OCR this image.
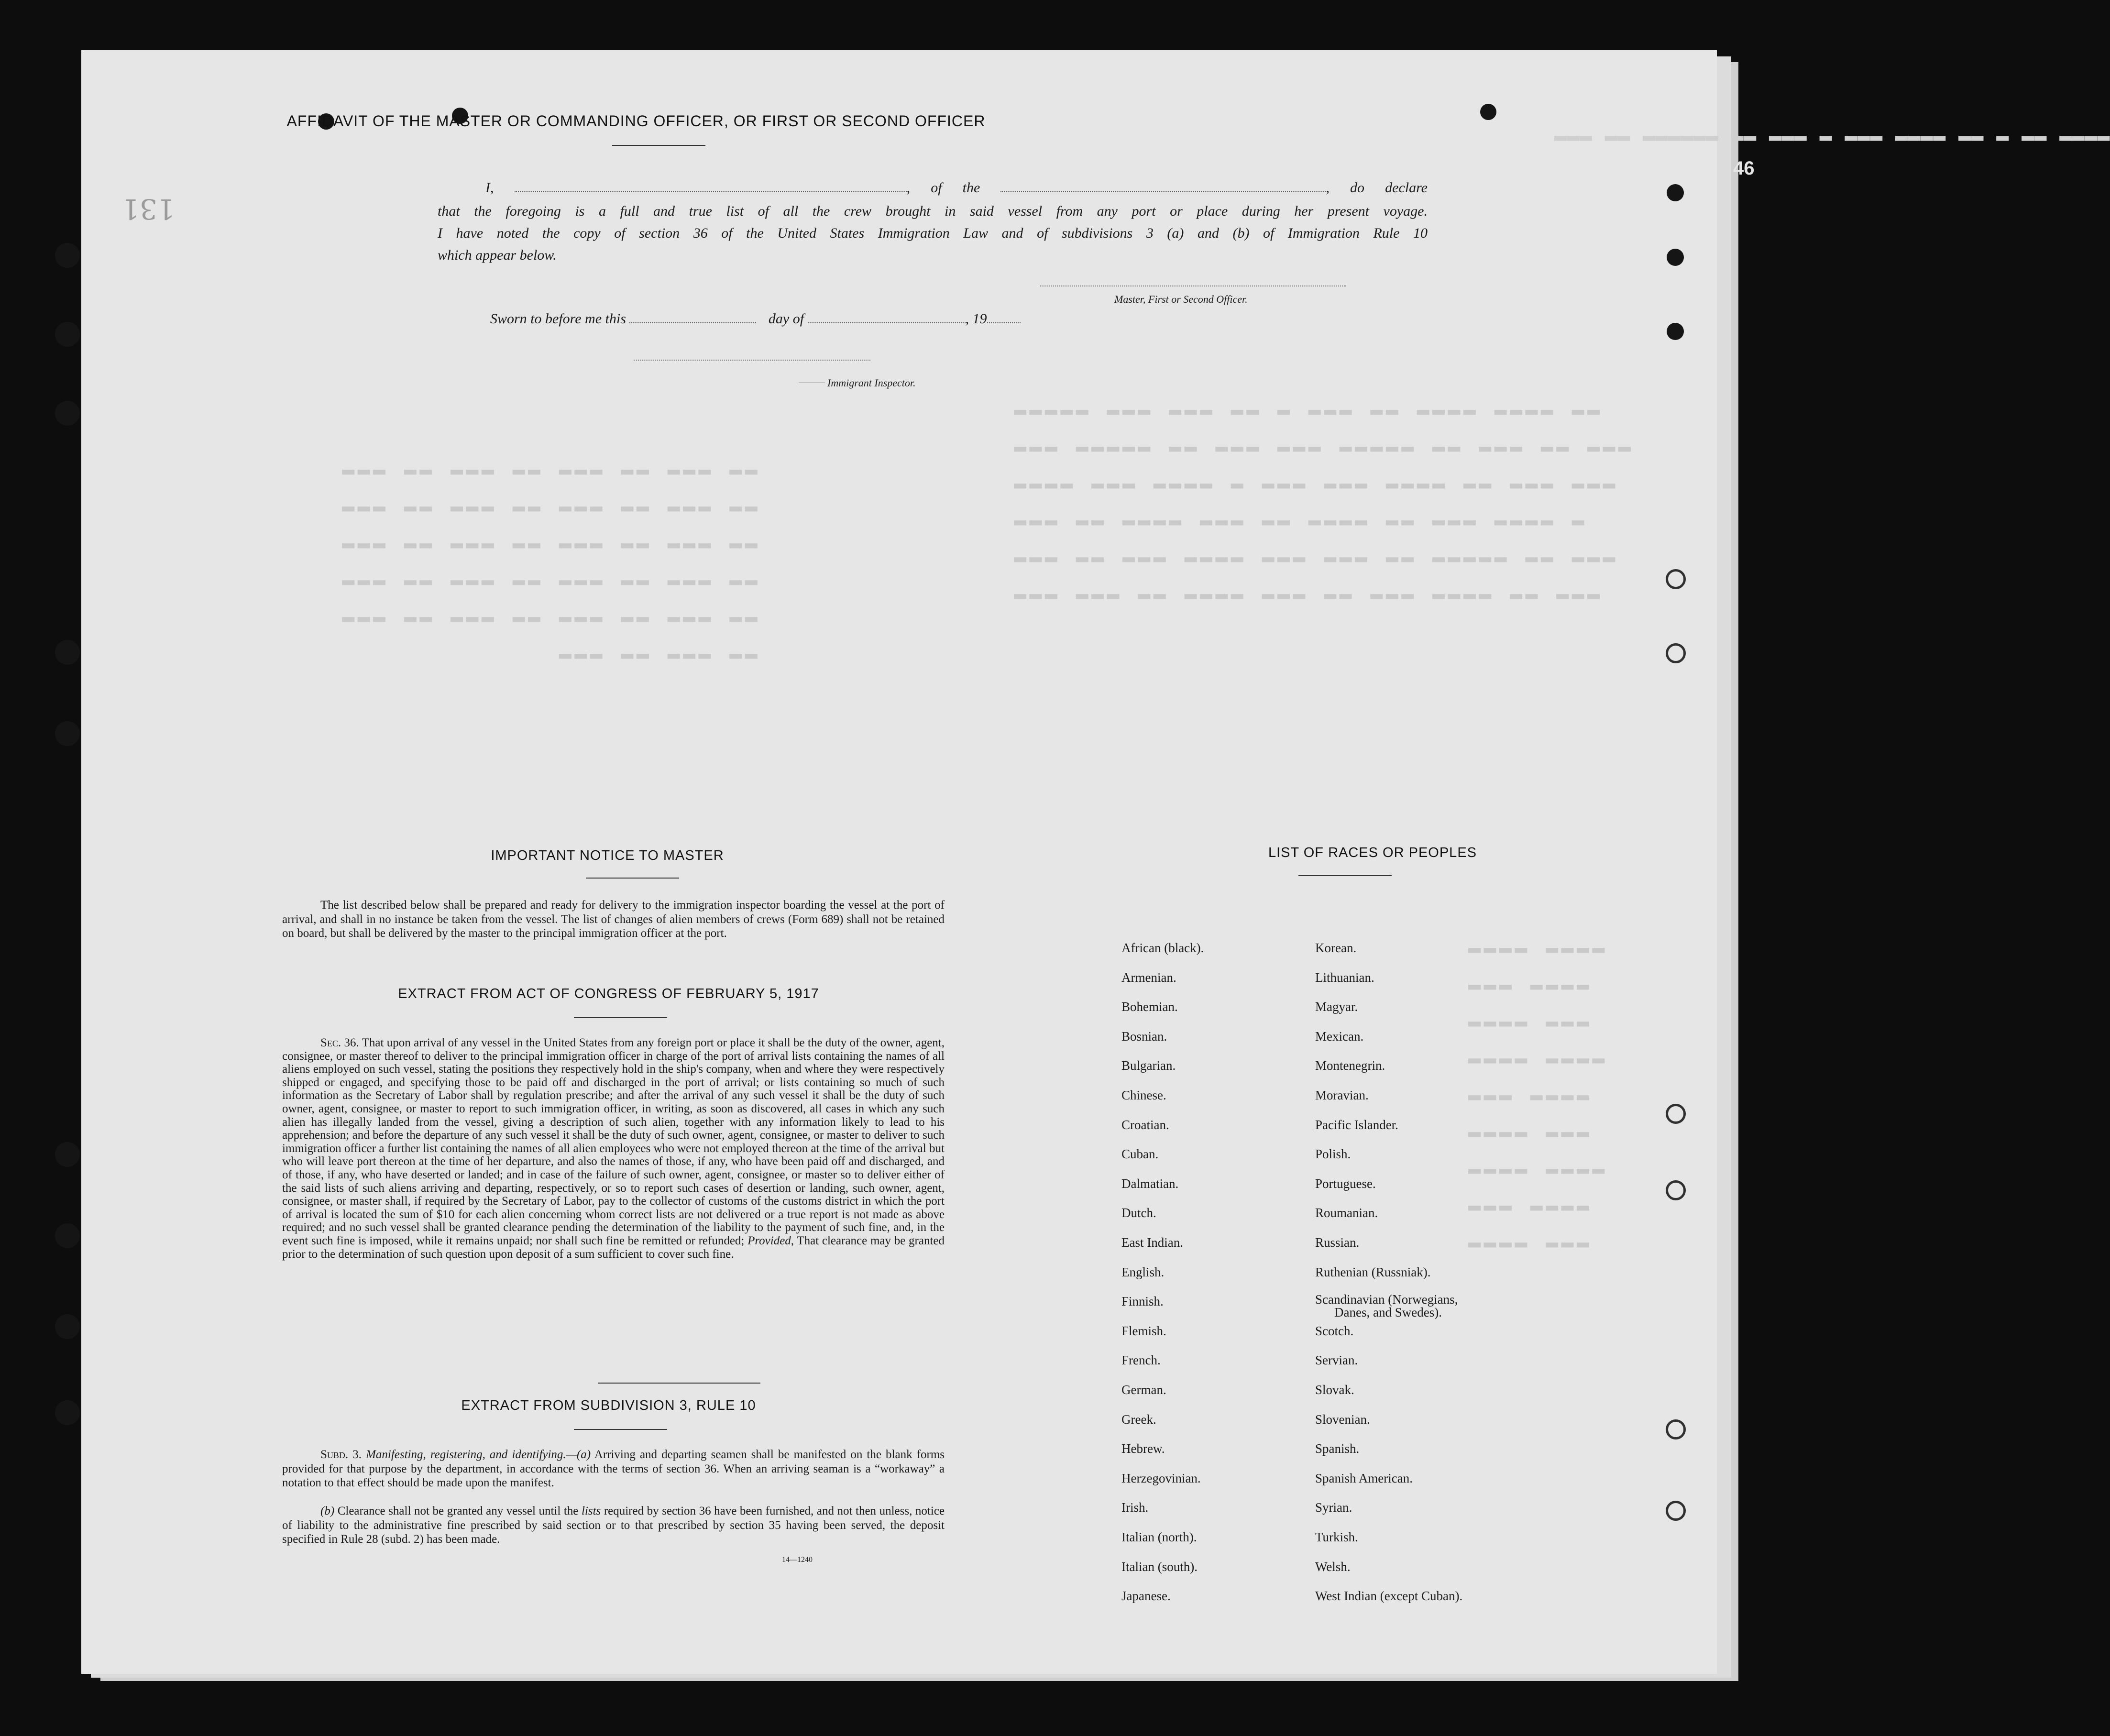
▬▬▬ ▬▬ ▬▬▬▬▬▬ ▬▬ ▬▬▬ ▬ ▬▬▬ ▬▬▬▬ ▬▬ ▬ ▬▬ ▬▬▬▬
▬▬▬▬▬ ▬▬▬ ▬▬▬ ▬▬ ▬ ▬▬▬ ▬▬ ▬▬▬▬ ▬▬▬▬ ▬▬ ▬▬▬ ▬▬▬▬▬ ▬▬ ▬▬▬ ▬▬▬ ▬▬▬▬▬ ▬▬ ▬▬▬ ▬▬ ▬▬▬ ▬▬▬▬ ▬▬▬ ▬▬▬▬ ▬ ▬▬▬ ▬▬▬ ▬▬▬▬ ▬▬ ▬▬▬ ▬▬▬ ▬▬▬ ▬▬ ▬▬▬▬ ▬▬▬ ▬▬ ▬▬▬▬ ▬▬ ▬▬▬ ▬▬▬▬ ▬ ▬▬▬ ▬▬ ▬▬▬ ▬▬▬▬ ▬▬▬ ▬▬▬ ▬▬ ▬▬▬▬▬ ▬▬ ▬▬▬ ▬▬▬ ▬▬▬ ▬▬ ▬▬▬▬ ▬▬▬ ▬▬ ▬▬▬ ▬▬▬▬ ▬▬ ▬▬▬
▬▬▬ ▬▬ ▬▬▬ ▬▬ ▬▬▬ ▬▬ ▬▬▬ ▬▬ ▬▬▬ ▬▬ ▬▬▬ ▬▬ ▬▬▬ ▬▬ ▬▬▬ ▬▬ ▬▬▬ ▬▬ ▬▬▬ ▬▬ ▬▬▬ ▬▬ ▬▬▬ ▬▬ ▬▬▬ ▬▬ ▬▬▬ ▬▬ ▬▬▬ ▬▬ ▬▬▬ ▬▬ ▬▬▬ ▬▬ ▬▬▬ ▬▬ ▬▬▬ ▬▬ ▬▬▬ ▬▬ ▬▬▬ ▬▬ ▬▬▬ ▬▬
▬▬▬▬ ▬▬▬▬ ▬▬▬ ▬▬▬▬ ▬▬▬▬ ▬▬▬ ▬▬▬▬ ▬▬▬▬ ▬▬▬ ▬▬▬▬ ▬▬▬▬ ▬▬▬ ▬▬▬▬ ▬▬▬▬ ▬▬▬ ▬▬▬▬ ▬▬▬▬ ▬▬▬
131
AFFIDAVIT OF THE MASTER OR COMMANDING OFFICER, OR FIRST OR SECOND OFFICER
I,	, of the	, do declare
that the foregoing is a full and true list of all the crew brought in said vessel from any port or place during her present voyage.
I have noted the copy of section 36 of the United States Immigration Law and of subdivisions 3 (a) and (b) of Immigration Rule 10
which appear below.
Master, First or Second Officer.
Sworn to before me this	day of	, 19
Immigrant Inspector.
IMPORTANT NOTICE TO MASTER
The list described below shall be prepared and ready for delivery to the immigration inspector boarding the vessel at the port of arrival, and shall in no instance be taken from the vessel. The list of changes of alien members of crews (Form 689) shall not be retained on board, but shall be delivered by the master to the principal immigration officer at the port.
EXTRACT FROM ACT OF CONGRESS OF FEBRUARY 5, 1917
Sec. 36. That upon arrival of any vessel in the United States from any foreign port or place it shall be the duty of the owner, agent, consignee, or master thereof to deliver to the principal immigration officer in charge of the port of arrival lists containing the names of all aliens employed on such vessel, stating the positions they respectively hold in the ship's company, when and where they were respectively shipped or engaged, and specifying those to be paid off and discharged in the port of arrival; or lists containing so much of such information as the Secretary of Labor shall by regulation prescribe; and after the arrival of any such vessel it shall be the duty of such owner, agent, consignee, or master to report to such immigration officer, in writing, as soon as discovered, all cases in which any such alien has illegally landed from the vessel, giving a description of such alien, together with any information likely to lead to his apprehension; and before the departure of any such vessel it shall be the duty of such owner, agent, consignee, or master to deliver to such immigration officer a further list containing the names of all alien employees who were not employed thereon at the time of the arrival but who will leave port thereon at the time of her departure, and also the names of those, if any, who have been paid off and discharged, and of those, if any, who have deserted or landed; and in case of the failure of such owner, agent, consignee, or master so to deliver either of the said lists of such aliens arriving and departing, respectively, or so to report such cases of desertion or landing, such owner, agent, consignee, or master shall, if required by the Secretary of Labor, pay to the collector of customs of the customs district in which the port of arrival is located the sum of $10 for each alien concerning whom correct lists are not delivered or a true report is not made as above required; and no such vessel shall be granted clearance pending the determination of the liability to the payment of such fine, and, in the event such fine is imposed, while it remains unpaid; nor shall such fine be remitted or refunded; Provided, That clearance may be granted prior to the determination of such question upon deposit of a sum sufficient to cover such fine.
EXTRACT FROM SUBDIVISION 3, RULE 10
Subd. 3. Manifesting, registering, and identifying.—(a) Arriving and departing seamen shall be manifested on the blank forms provided for that purpose by the department, in accordance with the terms of section 36. When an arriving seaman is a “workaway” a notation to that effect should be made upon the manifest.
(b) Clearance shall not be granted any vessel until the lists required by section 36 have been furnished, and not then unless, notice of liability to the administrative fine prescribed by said section or to that prescribed by section 35 having been served, the deposit specified in Rule 28 (subd. 2) has been made.
14—1240
LIST OF RACES OR PEOPLES
African (black).
Armenian.
Bohemian.
Bosnian.
Bulgarian.
Chinese.
Croatian.
Cuban.
Dalmatian.
Dutch.
East Indian.
English.
Finnish.
Flemish.
French.
German.
Greek.
Hebrew.
Herzegovinian.
Irish.
Italian (north).
Italian (south).
Japanese.
Korean.
Lithuanian.
Magyar.
Mexican.
Montenegrin.
Moravian.
Pacific Islander.
Polish.
Portuguese.
Roumanian.
Russian.
Ruthenian (Russniak).
Scandinavian (Norwegians,
Danes, and Swedes).
Scotch.
Servian.
Slovak.
Slovenian.
Spanish.
Spanish American.
Syrian.
Turkish.
Welsh.
West Indian (except Cuban).
46
